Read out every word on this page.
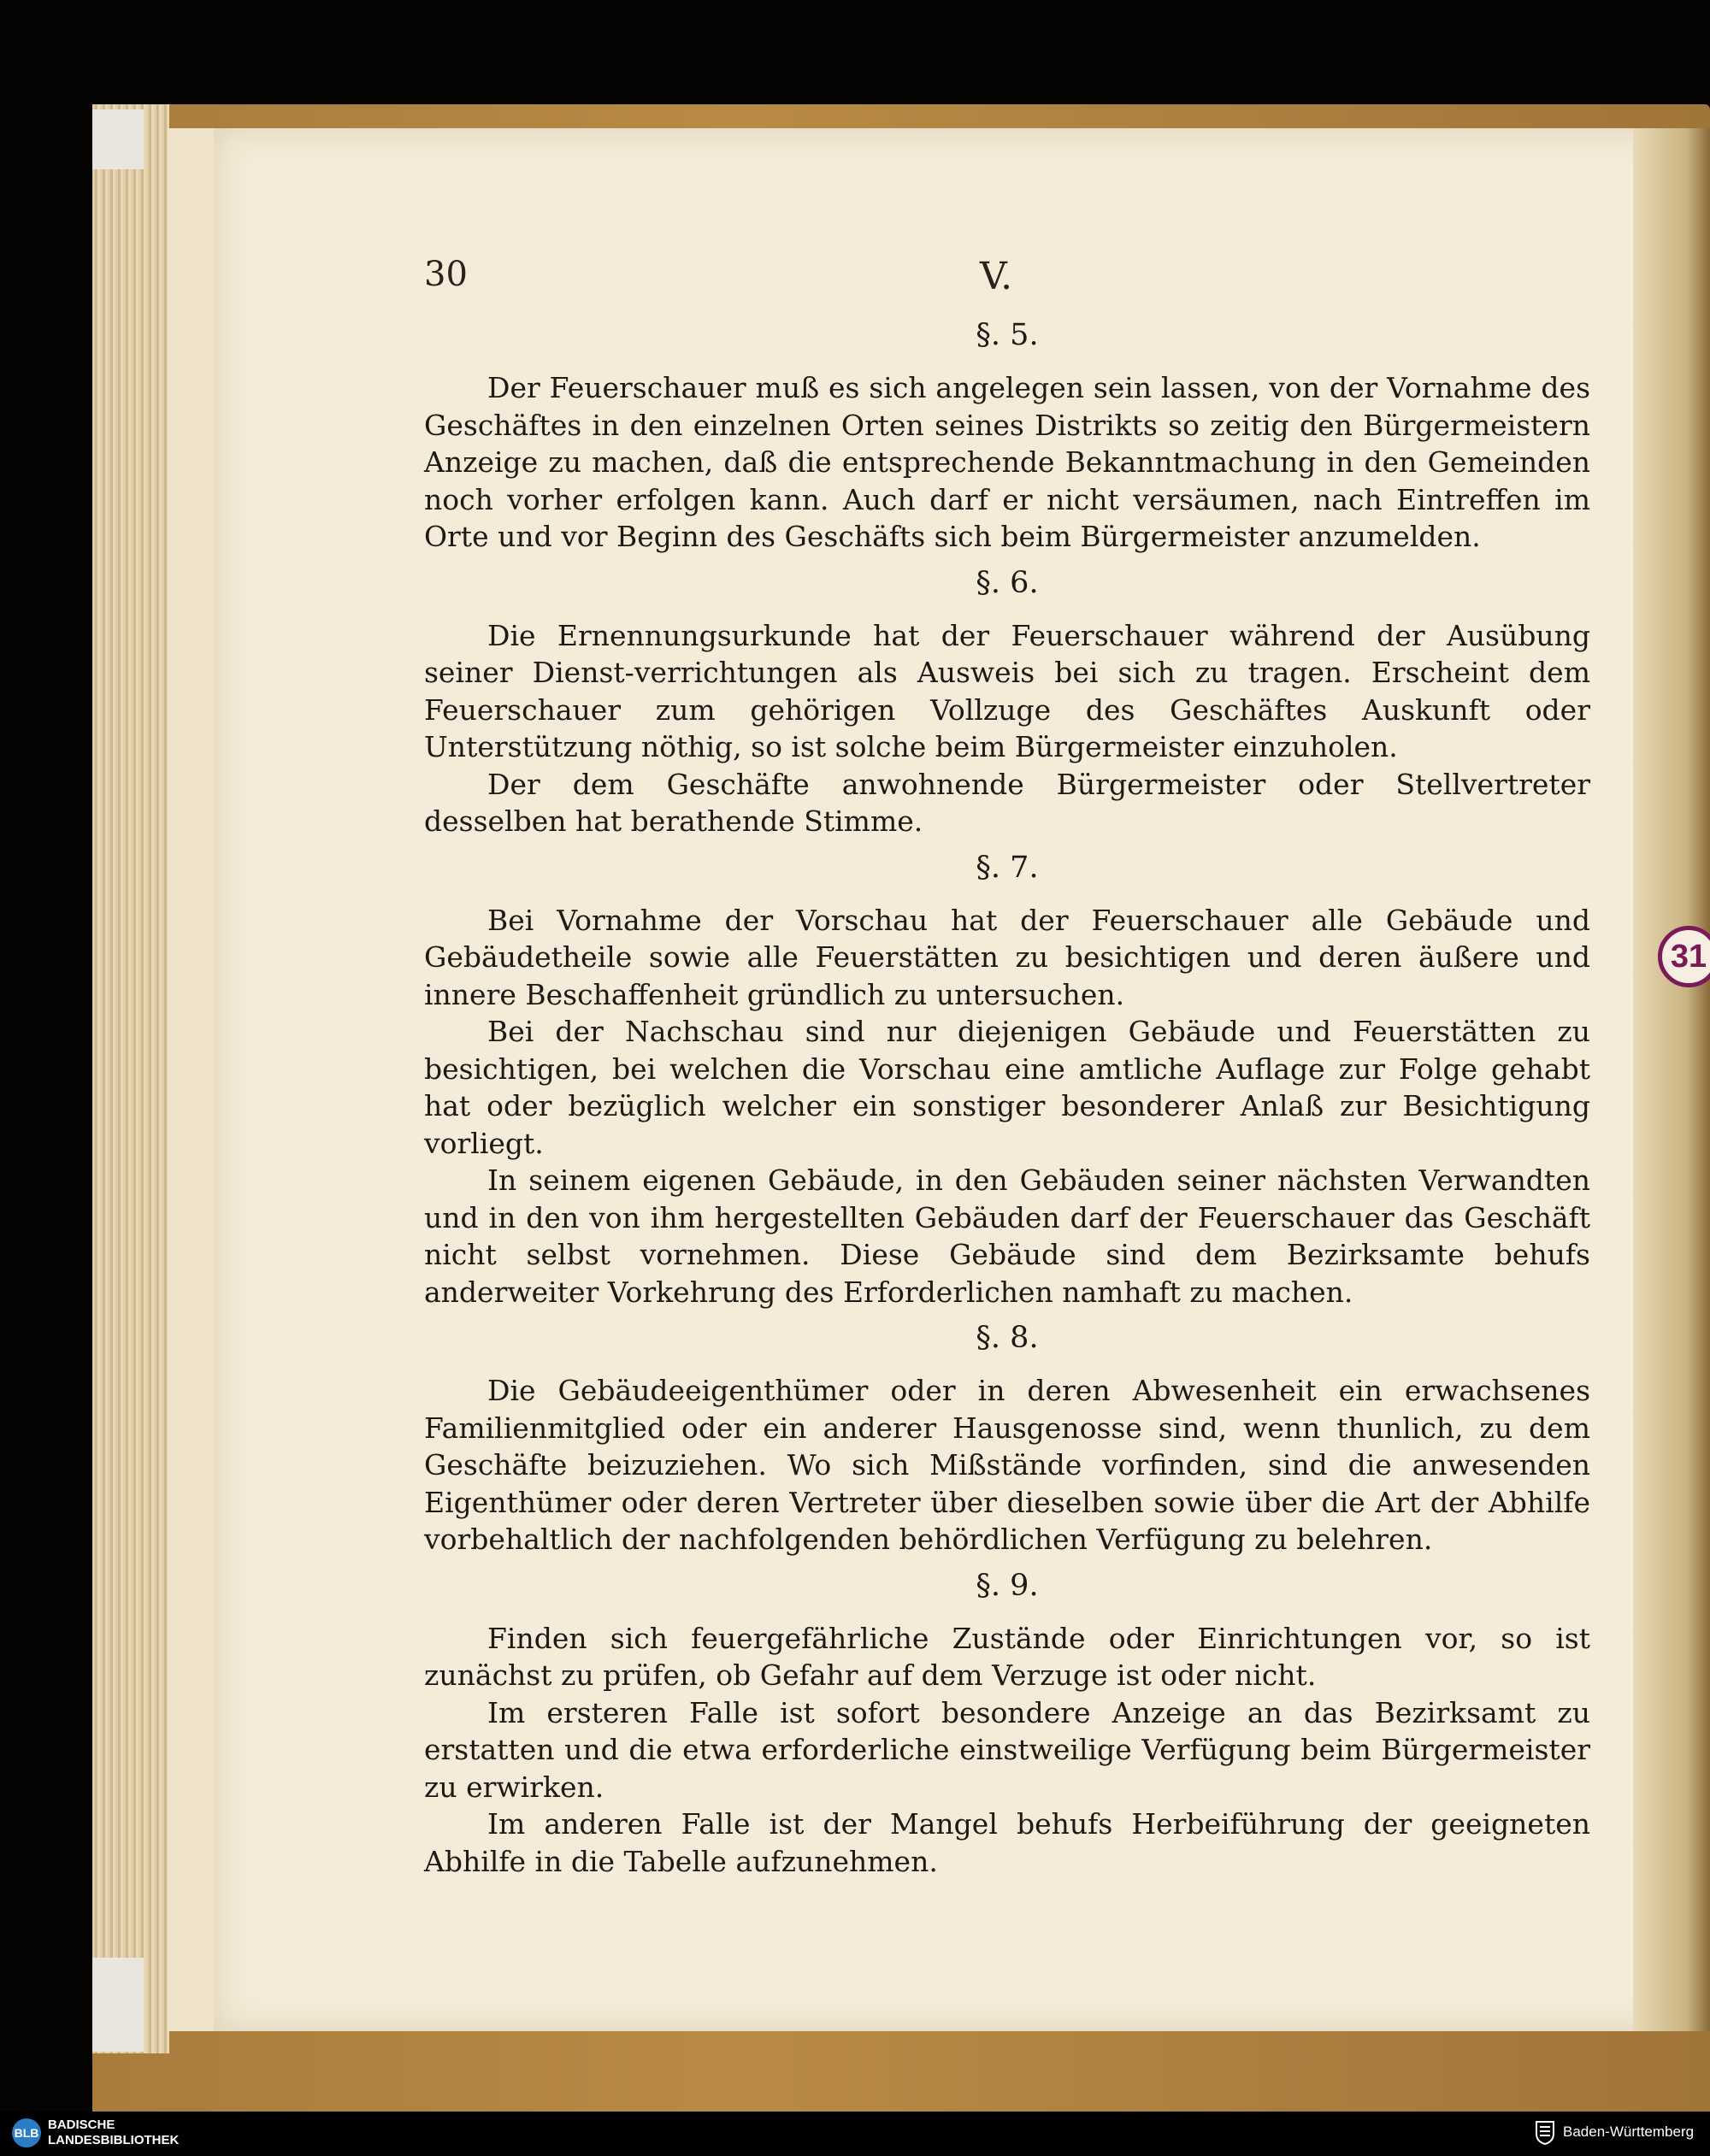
30	V.
31
§. 5.

Der Feuerschauer muß es sich angelegen sein lassen, von der Vornahme des Geschäftes in den einzelnen Orten seines Distrikts so zeitig den Bürgermeistern Anzeige zu machen, daß die entsprechende Bekanntmachung in den Gemeinden noch vorher erfolgen kann. Auch darf er nicht versäumen, nach Eintreffen im Orte und vor Beginn des Geschäfts sich beim Bürgermeister anzumelden.

§. 6.

Die Ernennungsurkunde hat der Feuerschauer während der Ausübung seiner Dienst-verrichtungen als Ausweis bei sich zu tragen. Erscheint dem Feuerschauer zum gehörigen Vollzuge des Geschäftes Auskunft oder Unterstützung nöthig, so ist solche beim Bürgermeister einzuholen.

Der dem Geschäfte anwohnende Bürgermeister oder Stellvertreter desselben hat berathende Stimme.

§. 7.

Bei Vornahme der Vorschau hat der Feuerschauer alle Gebäude und Gebäudetheile sowie alle Feuerstätten zu besichtigen und deren äußere und innere Beschaffenheit gründlich zu untersuchen.

Bei der Nachschau sind nur diejenigen Gebäude und Feuerstätten zu besichtigen, bei welchen die Vorschau eine amtliche Auflage zur Folge gehabt hat oder bezüglich welcher ein sonstiger besonderer Anlaß zur Besichtigung vorliegt.

In seinem eigenen Gebäude, in den Gebäuden seiner nächsten Verwandten und in den von ihm hergestellten Gebäuden darf der Feuerschauer das Geschäft nicht selbst vornehmen. Diese Gebäude sind dem Bezirksamte behufs anderweiter Vorkehrung des Erforderlichen namhaft zu machen.

§. 8.

Die Gebäudeeigenthümer oder in deren Abwesenheit ein erwachsenes Familienmitglied oder ein anderer Hausgenosse sind, wenn thunlich, zu dem Geschäfte beizuziehen. Wo sich Mißstände vorfinden, sind die anwesenden Eigenthümer oder deren Vertreter über dieselben sowie über die Art der Abhilfe vorbehaltlich der nachfolgenden behördlichen Verfügung zu belehren.

§. 9.

Finden sich feuergefährliche Zustände oder Einrichtungen vor, so ist zunächst zu prüfen, ob Gefahr auf dem Verzuge ist oder nicht.

Im ersteren Falle ist sofort besondere Anzeige an das Bezirksamt zu erstatten und die etwa erforderliche einstweilige Verfügung beim Bürgermeister zu erwirken.

Im anderen Falle ist der Mangel behufs Herbeiführung der geeigneten Abhilfe in die Tabelle aufzunehmen.

BLB
BADISCHE
LANDESBIBLIOTHEK
Baden-Württemberg
